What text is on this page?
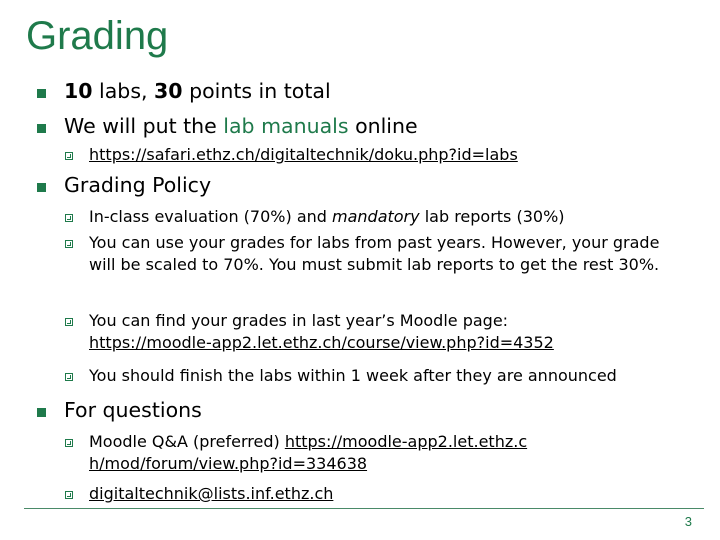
Grading
10 labs, 30 points in total
We will put the lab manuals online
https://safari.ethz.ch/digitaltechnik/doku.php?id=labs
Grading Policy
In-class evaluation (70%) and mandatory lab reports (30%)
You can use your grades for labs from past years. However, your grade will be scaled to 70%. You must submit lab reports to get the rest 30%.
You can find your grades in last year’s Moodle page:
https://moodle-app2.let.ethz.ch/course/view.php?id=4352
You should finish the labs within 1 week after they are announced
For questions
Moodle Q&A (preferred) https://moodle-app2.let.ethz.ch/mod/forum/view.php?id=334638
digitaltechnik@lists.inf.ethz.ch
3
